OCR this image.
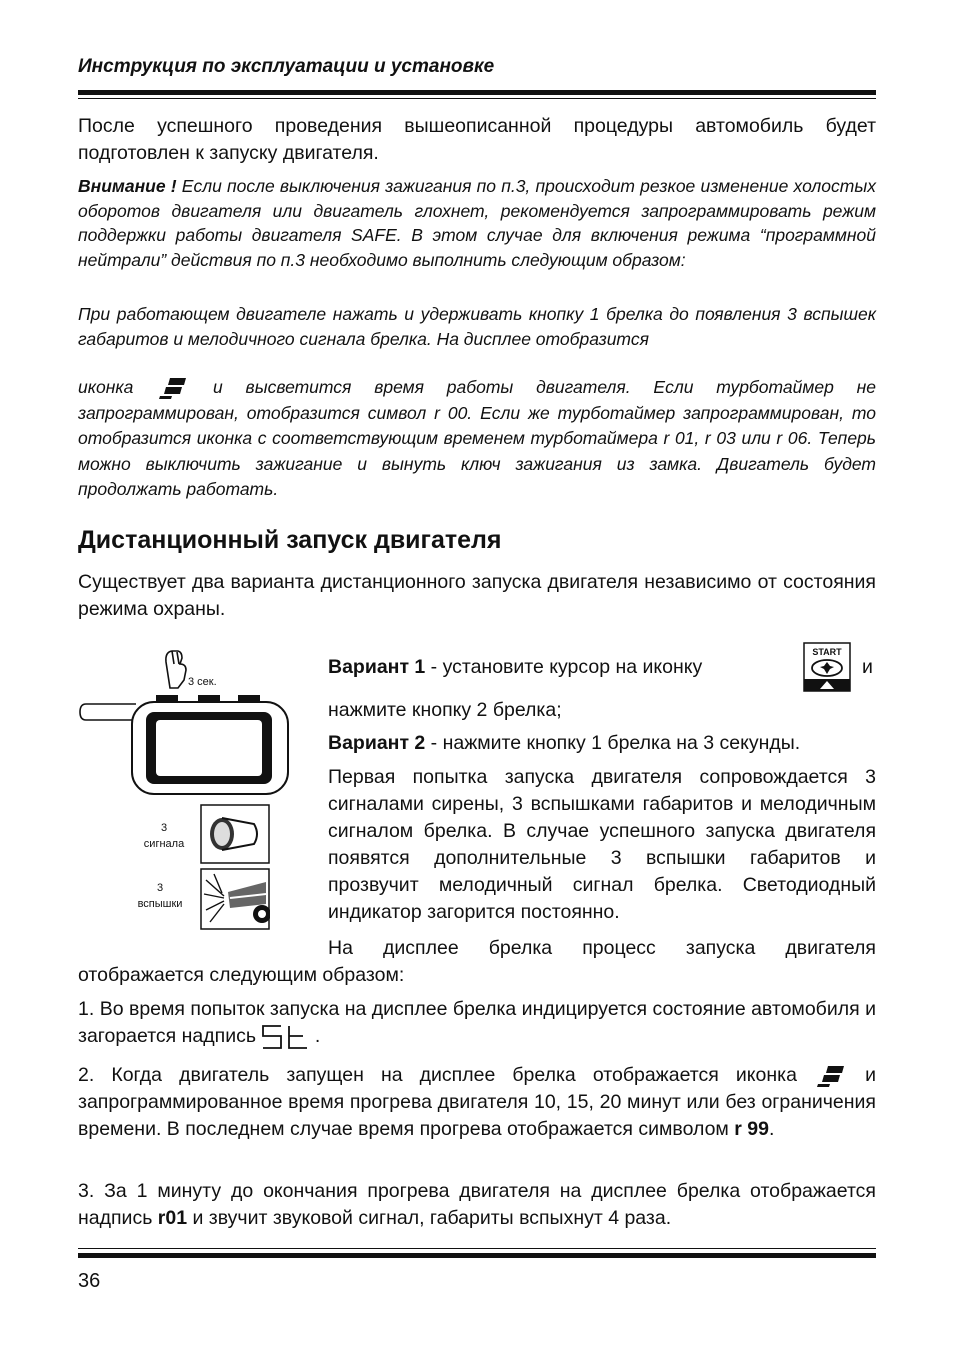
Инструкция по эксплуатации и установке
После успешного проведения вышеописанной процедуры автомобиль будет подготовлен к запуску двигателя.
Внимание ! Если после выключения зажигания по п.3, происходит резкое изменение холостых оборотов двигателя или двигатель глохнет, рекомендуется запрограммировать режим поддержки работы двигателя SAFE. В этом случае для включения режима “программной нейтрали” действия по п.3 необходимо выполнить следующим образом:
При работающем двигателе нажать и удерживать кнопку 1 брелка до появления 3 вспышек габаритов и мелодичного сигнала брелка. На дисплее отобразится
иконка	и высветится время работы двигателя. Если турботаймер не запрограммирован, отобразится символ r 00. Если же турботаймер запрограммирован, то отобразится иконка с соответствующим временем турботаймера r 01, r 03 или r 06. Теперь можно выключить зажигание и вынуть ключ зажигания из замка. Двигатель будет продолжать работать.
Дистанционный запуск двигателя
Существует два варианта дистанционного запуска двигателя независимо от состояния режима охраны.
3 сек.
3
сигнала
3
вспышки
Вариант 1 - установите курсор на иконку
START
и
нажмите кнопку 2 брелка;
Вариант 2 - нажмите кнопку 1 брелка на 3 секунды.
Первая попытка запуска двигателя сопровождается 3 сигналами сирены, 3 вспышками габаритов и мелодичным сигналом брелка. В случае успешного запуска двигателя появятся дополнительные 3 вспышки габаритов и прозвучит мелодичный сигнал брелка. Светодиодный индикатор загорится постоянно.
На дисплее брелка процесс запуска двигателя
отображается следующим образом:
1. Во время попыток запуска на дисплее брелка индицируется состояние автомобиля и загорается надпись	.
2. Когда двигатель запущен на дисплее брелка отображается иконка	и запрограммированное время прогрева двигателя 10, 15, 20 минут или без ограничения времени. В последнем случае время прогрева отображается символом r 99.
3. За 1 минуту до окончания прогрева двигателя на дисплее брелка отображается надпись r01 и звучит звуковой сигнал, габариты вспыхнут 4 раза.
36
